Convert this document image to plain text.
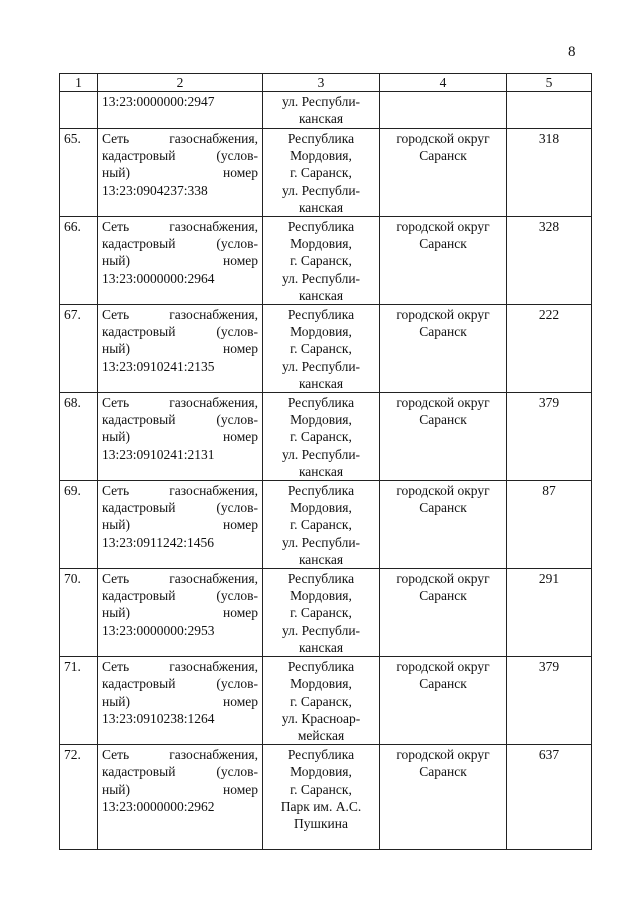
8
1	2	3	4	5

	13:23:0000000:2947	ул. Республи-
канская		

65.	Сеть газоснабжения,
кадастровый (услов-
ный) номер
13:23:0904237:338	Республика
Мордовия,
г. Саранск,
ул. Республи-
канская	городской округ
Саранск	318
66.	Сеть газоснабжения,
кадастровый (услов-
ный) номер
13:23:0000000:2964	Республика
Мордовия,
г. Саранск,
ул. Республи-
канская	городской округ
Саранск	328
67.	Сеть газоснабжения,
кадастровый (услов-
ный) номер
13:23:0910241:2135	Республика
Мордовия,
г. Саранск,
ул. Республи-
канская	городской округ
Саранск	222
68.	Сеть газоснабжения,
кадастровый (услов-
ный) номер
13:23:0910241:2131	Республика
Мордовия,
г. Саранск,
ул. Республи-
канская	городской округ
Саранск	379
69.	Сеть газоснабжения,
кадастровый (услов-
ный) номер
13:23:0911242:1456	Республика
Мордовия,
г. Саранск,
ул. Республи-
канская	городской округ
Саранск	87
70.	Сеть газоснабжения,
кадастровый (услов-
ный) номер
13:23:0000000:2953	Республика
Мордовия,
г. Саранск,
ул. Республи-
канская	городской округ
Саранск	291
71.	Сеть газоснабжения,
кадастровый (услов-
ный) номер
13:23:0910238:1264	Республика
Мордовия,
г. Саранск,
ул. Красноар-
мейская	городской округ
Саранск	379
72.	Сеть газоснабжения,
кадастровый (услов-
ный) номер
13:23:0000000:2962	Республика
Мордовия,
г. Саранск,
Парк им. А.С.
Пушкина	городской округ
Саранск	637
